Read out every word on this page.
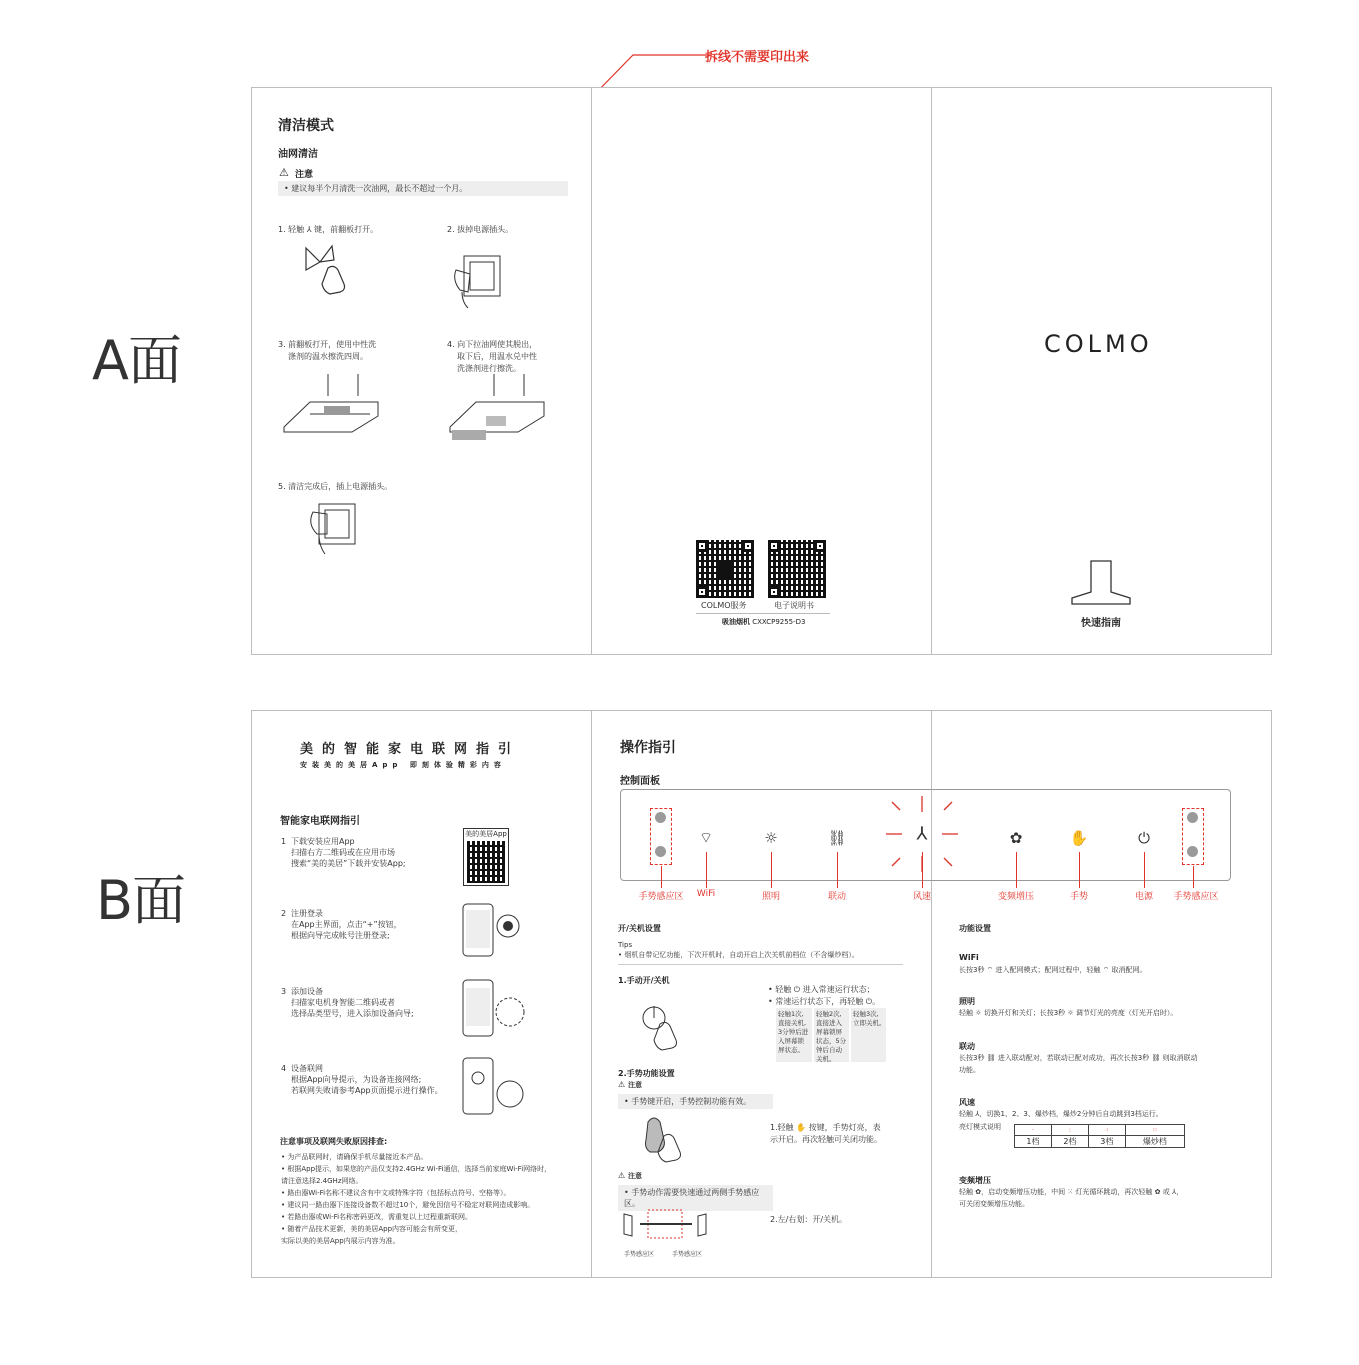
拆线不需要印出来
A面
B面
清洁模式
油网清洁
⚠ 注意
• 建议每半个月清洗一次油网，最长不超过一个月。
1. 轻触 ⅄ 键，前翻板打开。	2. 拔掉电源插头。
3. 前翻板打开，使用中性洗
涤剂的温水擦洗四周。
4. 向下拉油网使其脱出，
取下后，用温水兑中性
洗涤剂进行擦洗。
5. 清洁完成后，插上电源插头。
COLMO服务	电子说明书
吸油烟机 CXXCP9255-D3
COLMO
快速指南
美的智能家电联网指引
安装美的美居App 即刻体验精彩内容
智能家电联网指引
1 下载安装应用App
扫描右方二维码或在应用市场
搜索“美的美居”下载并安装App;
美的美居App
2 注册登录
在App主界面，点击“+”按钮，
根据向导完成帐号注册登录;
3 添加设备
扫描家电机身智能二维码或者
选择品类型号，进入添加设备向导;
4 设备联网
根据App向导提示，为设备连接网络;
若联网失败请参考App页面提示进行操作。
注意事项及联网失败原因排查:
• 为产品联网时，请确保手机尽量接近本产品。
• 根据App提示，如果您的产品仅支持2.4GHz Wi-Fi通信，选择当前家庭Wi-Fi网络时，
请注意选择2.4GHz网络。
• 路由器Wi-Fi名称不建议含有中文或特殊字符（包括标点符号、空格等）。
• 建议同一路由器下连接设备数不超过10个，避免因信号不稳定对联网造成影响。
• 若路由器或Wi-Fi名称密码更改，需重复以上过程重新联网。
• 随着产品技术更新，美的美居App内容可能会有所变更，
实际以美的美居App内展示内容为准。
操作指引
控制面板
⌔	☼	⛓	⅄	✿	✋	⏻
手势感应区 WiFi	照明	联动	风速	变频增压	手势	电源 手势感应区
开/关机设置
Tips
• 烟机自带记忆功能，下次开机时，自动开启上次关机前档位（不含爆炒档）。
1.手动开/关机
• 轻触 ⏻ 进入常速运行状态；
• 常速运行状态下，再轻触 ⏻。
轻触1次,
直接关机,
3分钟后进
入屏幕锁
屏状态。
轻触2次,
直接进入
屏幕锁屏
状态，5分
钟后自动
关机。
轻触3次,
立即关机。
2.手势功能设置
⚠ 注意
• 手势键开启，手势控制功能有效。
1.轻触 ✋ 按键，手势灯亮，表
示开启。再次轻触可关闭功能。
⚠ 注意
• 手势动作需要快速通过两侧手势感应区。
手势感应区	手势感应区
2.左/右划：开/关机。
功能设置
WiFi
长按3秒 ⌔ 进入配网模式；配网过程中，轻触 ⌔ 取消配网。
照明
轻触 ☼ 切换开灯和关灯；长按3秒 ☼ 调节灯光的亮度（灯光开启时）。
联动
长按3秒 ⛓ 进入联动配对，若联动已配对成功，再次长按3秒 ⛓ 则取消联动
功能。
风速
轻触 ⅄，切换1、2、3、爆炒档，爆炒2分钟后自动跳到3档运行。
亮灯模式说明	·	:	⁖	⁙
1档	2档	3档	爆炒档
变频增压
轻触 ✿，启动变频增压功能，中间 ⁙ 灯光循环跳动，再次轻触 ✿ 或 ⅄，
可关闭变频增压功能。
